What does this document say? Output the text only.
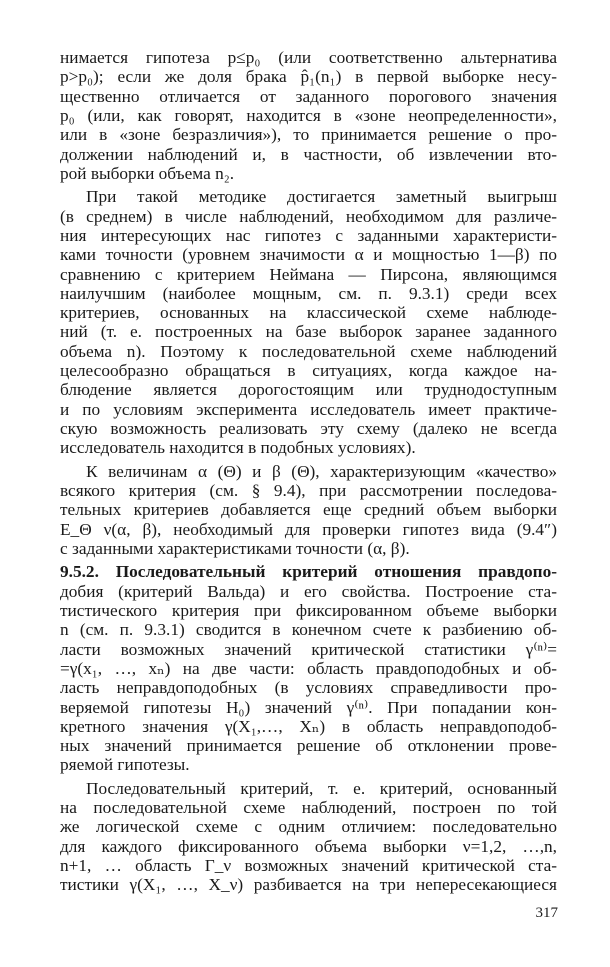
нимается гипотеза p≤p₀ (или соответственно альтернатива
p>p₀); если же доля брака p̂₁(n₁) в первой выборке несу-
щественно отличается от заданного порогового значения
p₀ (или, как говорят, находится в «зоне неопределенности»,
или в «зоне безразличия»), то принимается решение о про-
должении наблюдений и, в частности, об извлечении вто-
рой выборки объема n₂.
При такой методике достигается заметный выигрыш
(в среднем) в числе наблюдений, необходимом для различе-
ния интересующих нас гипотез с заданными характеристи-
ками точности (уровнем значимости α и мощностью 1—β) по
сравнению с критерием Неймана — Пирсона, являющимся
наилучшим (наиболее мощным, см. п. 9.3.1) среди всех
критериев, основанных на классической схеме наблюде-
ний (т. е. построенных на базе выборок заранее заданного
объема n). Поэтому к последовательной схеме наблюдений
целесообразно обращаться в ситуациях, когда каждое на-
блюдение является дорогостоящим или труднодоступным
и по условиям эксперимента исследователь имеет практиче-
скую возможность реализовать эту схему (далеко не всегда
исследователь находится в подобных условиях).
К величинам α (Θ) и β (Θ), характеризующим «качество»
всякого критерия (см. § 9.4), при рассмотрении последова-
тельных критериев добавляется еще средний объем выборки
E_Θ ν(α, β), необходимый для проверки гипотез вида (9.4″)
с заданными характеристиками точности (α, β).
9.5.2. Последовательный критерий отношения правдопо-
добия (критерий Вальда) и его свойства. Построение ста-
тистического критерия при фиксированном объеме выборки
n (см. п. 9.3.1) сводится в конечном счете к разбиению об-
ласти возможных значений критической статистики γ⁽ⁿ⁾=
=γ(x₁, …, xₙ) на две части: область правдоподобных и об-
ласть неправдоподобных (в условиях справедливости про-
веряемой гипотезы H₀) значений γ⁽ⁿ⁾. При попадании кон-
кретного значения γ(X₁,…, Xₙ) в область неправдоподоб-
ных значений принимается решение об отклонении прове-
ряемой гипотезы.
Последовательный критерий, т. е. критерий, основанный
на последовательной схеме наблюдений, построен по той
же логической схеме с одним отличием: последовательно
для каждого фиксированного объема выборки ν=1,2, …,n,
n+1, … область Γ_ν возможных значений критической ста-
тистики γ(X₁, …, X_ν) разбивается на три непересекающиеся
317
